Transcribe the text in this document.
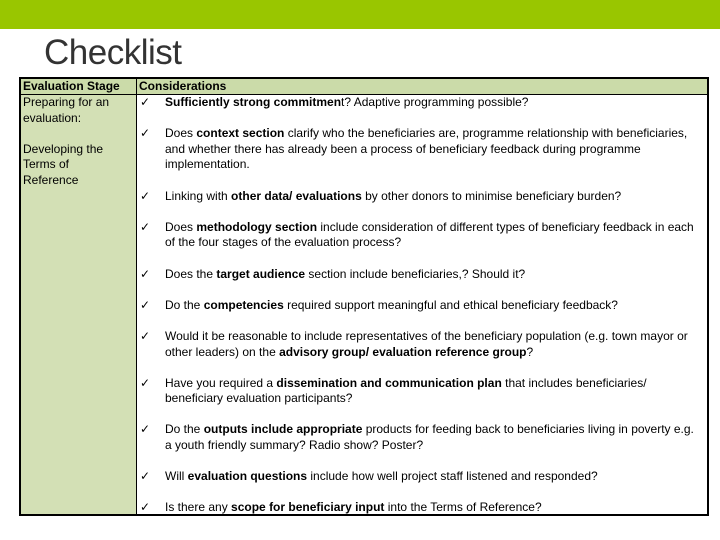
Checklist
Evaluation Stage Considerations
Preparing for an evaluation:
Developing the Terms of Reference
✓ Sufficiently strong commitment? Adaptive programming possible?
✓ Does context section clarify who the beneficiaries are, programme relationship with beneficiaries, and whether there has already been a process of beneficiary feedback during programme implementation.
✓ Linking with other data/ evaluations by other donors to minimise beneficiary burden?
✓ Does methodology section include consideration of different types of beneficiary feedback in each of the four stages of the evaluation process?
✓ Does the target audience section include beneficiaries,? Should it?
✓ Do the competencies required support meaningful and ethical beneficiary feedback?
✓ Would it be reasonable to include representatives of the beneficiary population (e.g. town mayor or other leaders) on the advisory group/ evaluation reference group?
✓ Have you required a dissemination and communication plan that includes beneficiaries/ beneficiary evaluation participants?
✓ Do the outputs include appropriate products for feeding back to beneficiaries living in poverty e.g. a youth friendly summary? Radio show? Poster?
✓ Will evaluation questions include how well project staff listened and responded?
✓ Is there any scope for beneficiary input into the Terms of Reference?
